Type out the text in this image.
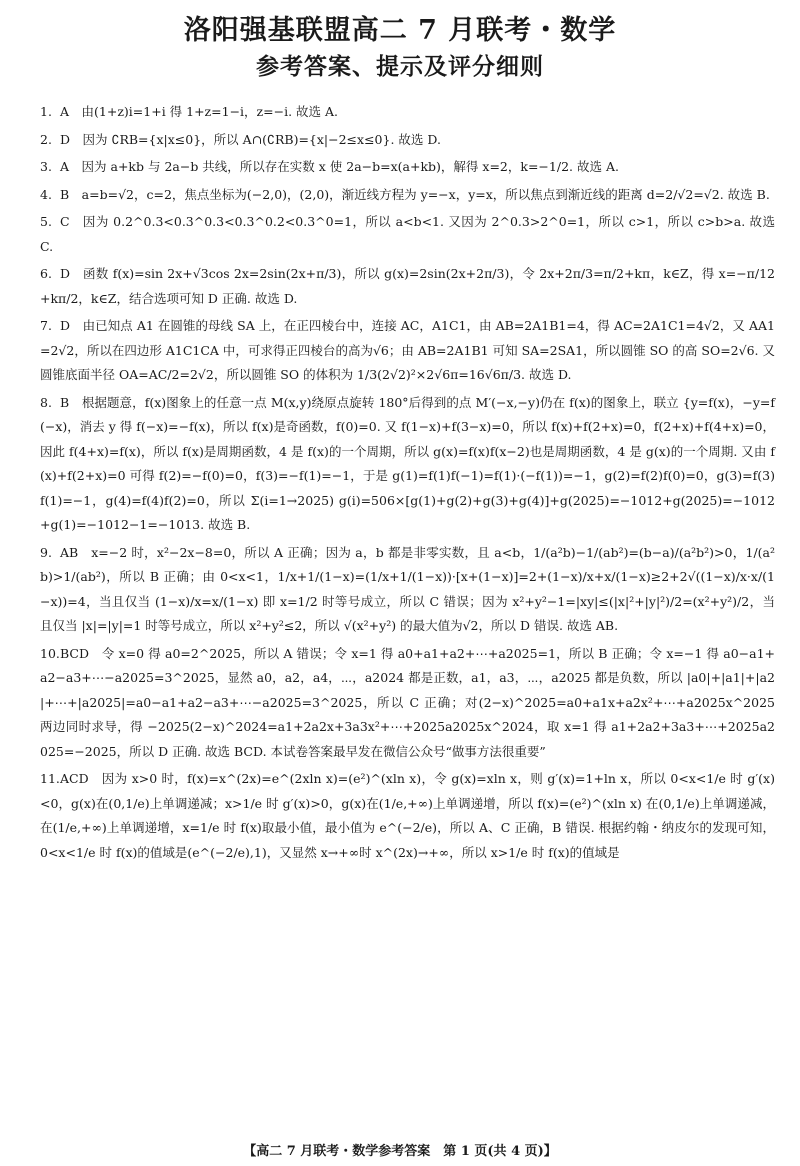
洛阳强基联盟高二 7 月联考・数学
参考答案、提示及评分细则

1. A　由(1+z)i=1+i 得 1+z=1−i，z=−i. 故选 A.

2. D　因为 ∁RB={x|x≤0}，所以 A∩(∁RB)={x|−2≤x≤0}. 故选 D.

3. A　因为 a+kb 与 2a−b 共线，所以存在实数 x 使 2a−b=x(a+kb)，解得 x=2，k=−1/2. 故选 A.

4. B　a=b=√2，c=2，焦点坐标为(−2,0)，(2,0)，渐近线方程为 y=−x，y=x，所以焦点到渐近线的距离 d=2/√2=√2. 故选 B.

5. C　因为 0.2^0.3<0.3^0.3<0.3^0.2<0.3^0=1，所以 a<b<1. 又因为 2^0.3>2^0=1，所以 c>1，所以 c>b>a. 故选 C.

6. D　函数 f(x)=sin 2x+√3cos 2x=2sin(2x+π/3)，所以 g(x)=2sin(2x+2π/3)，令 2x+2π/3=π/2+kπ，k∈Z，得 x=−π/12+kπ/2，k∈Z，结合选项可知 D 正确. 故选 D.

7. D　由已知点 A1 在圆锥的母线 SA 上，在正四棱台中，连接 AC，A1C1，由 AB=2A1B1=4，得 AC=2A1C1=4√2，又 AA1=2√2，所以在四边形 A1C1CA 中，可求得正四棱台的高为√6；由 AB=2A1B1 可知 SA=2SA1，所以圆锥 SO 的高 SO=2√6. 又圆锥底面半径 OA=AC/2=2√2，所以圆锥 SO 的体积为 1/3(2√2)²×2√6π=16√6π/3. 故选 D.

8. B　根据题意，f(x)图象上的任意一点 M(x,y)绕原点旋转 180°后得到的点 M′(−x,−y)仍在 f(x)的图象上，联立 {y=f(x)，−y=f(−x)，消去 y 得 f(−x)=−f(x)，所以 f(x)是奇函数，f(0)=0. 又 f(1−x)+f(3−x)=0，所以 f(x)+f(2+x)=0，f(2+x)+f(4+x)=0，因此 f(4+x)=f(x)，所以 f(x)是周期函数，4 是 f(x)的一个周期，所以 g(x)=f(x)f(x−2)也是周期函数，4 是 g(x)的一个周期. 又由 f(x)+f(2+x)=0 可得 f(2)=−f(0)=0，f(3)=−f(1)=−1，于是 g(1)=f(1)f(−1)=f(1)·(−f(1))=−1，g(2)=f(2)f(0)=0，g(3)=f(3)f(1)=−1，g(4)=f(4)f(2)=0，所以 Σ(i=1→2025) g(i)=506×[g(1)+g(2)+g(3)+g(4)]+g(2025)=−1012+g(2025)=−1012+g(1)=−1012−1=−1013. 故选 B.

9. AB　x=−2 时，x²−2x−8=0，所以 A 正确；因为 a，b 都是非零实数，且 a<b，1/(a²b)−1/(ab²)=(b−a)/(a²b²)>0，1/(a²b)>1/(ab²)，所以 B 正确；由 0<x<1，1/x+1/(1−x)=(1/x+1/(1−x))·[x+(1−x)]=2+(1−x)/x+x/(1−x)≥2+2√((1−x)/x·x/(1−x))=4，当且仅当 (1−x)/x=x/(1−x) 即 x=1/2 时等号成立，所以 C 错误；因为 x²+y²−1=|xy|≤(|x|²+|y|²)/2=(x²+y²)/2，当且仅当 |x|=|y|=1 时等号成立，所以 x²+y²≤2，所以 √(x²+y²) 的最大值为√2，所以 D 错误. 故选 AB.

10.BCD　令 x=0 得 a0=2^2025，所以 A 错误；令 x=1 得 a0+a1+a2+⋯+a2025=1，所以 B 正确；令 x=−1 得 a0−a1+a2−a3+⋯−a2025=3^2025，显然 a0，a2，a4，⋯，a2024 都是正数，a1，a3，⋯，a2025 都是负数，所以 |a0|+|a1|+|a2|+⋯+|a2025|=a0−a1+a2−a3+⋯−a2025=3^2025，所以 C 正确；对(2−x)^2025=a0+a1x+a2x²+⋯+a2025x^2025 两边同时求导，得 −2025(2−x)^2024=a1+2a2x+3a3x²+⋯+2025a2025x^2024，取 x=1 得 a1+2a2+3a3+⋯+2025a2025=−2025，所以 D 正确. 故选 BCD. 本试卷答案最早发在微信公众号“做事方法很重要”

11.ACD　因为 x>0 时，f(x)=x^(2x)=e^(2xln x)=(e²)^(xln x)，令 g(x)=xln x，则 g′(x)=1+ln x，所以 0<x<1/e 时 g′(x)<0，g(x)在(0,1/e)上单调递减；x>1/e 时 g′(x)>0，g(x)在(1/e,+∞)上单调递增，所以 f(x)=(e²)^(xln x) 在(0,1/e)上单调递减，在(1/e,+∞)上单调递增，x=1/e 时 f(x)取最小值，最小值为 e^(−2/e)，所以 A、C 正确，B 错误. 根据约翰・纳皮尔的发现可知，0<x<1/e 时 f(x)的值域是(e^(−2/e),1)，又显然 x→+∞时 x^(2x)→+∞，所以 x>1/e 时 f(x)的值域是

【高二 7 月联考・数学参考答案　第 1 页(共 4 页)】
